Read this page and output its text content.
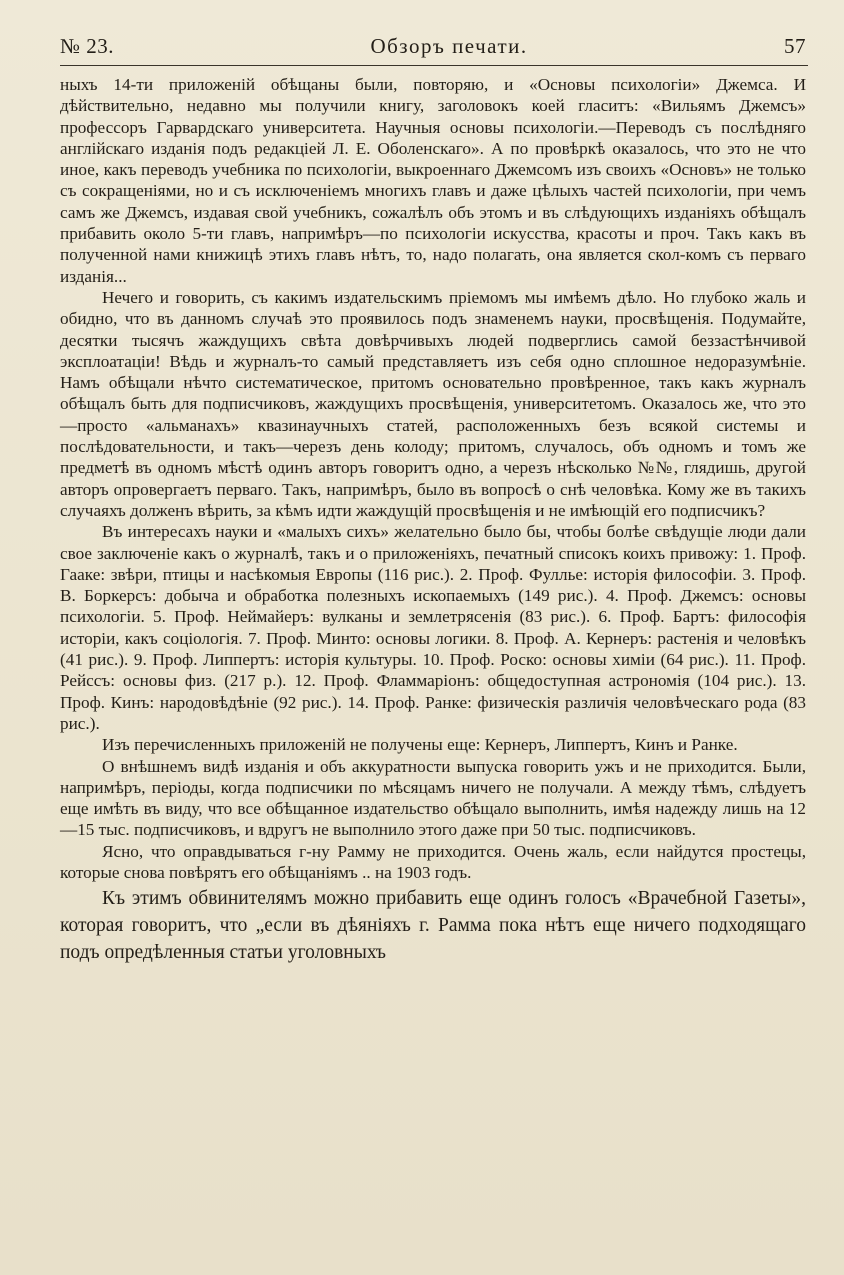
№ 23.	Обзоръ печати.	57

ныхъ 14-ти приложеній обѣщаны были, повторяю, и «Основы психологіи» Джемса. И дѣйствительно, недавно мы получили книгу, заголовокъ коей гласитъ: «Вильямъ Джемсъ» профессоръ Гарвардскаго университета. Научныя основы психологіи.—Переводъ съ послѣдняго англійскаго изданія подъ редакціей Л. Е. Оболенскаго». А по провѣркѣ оказалось, что это не что иное, какъ переводъ учебника по психологіи, выкроеннаго Джемсомъ изъ своихъ «Основъ» не только съ сокращеніями, но и съ исключеніемъ многихъ главъ и даже цѣлыхъ частей психологіи, при чемъ самъ же Джемсъ, издавая свой учебникъ, сожалѣлъ объ этомъ и въ слѣдующихъ изданіяхъ обѣщалъ прибавить около 5-ти главъ, напримѣръ—по психологіи искусства, красоты и проч. Такъ какъ въ полученной нами книжицѣ этихъ главъ нѣтъ, то, надо полагать, она является скол-комъ съ перваго изданія...

Нечего и говорить, съ какимъ издательскимъ пріемомъ мы имѣемъ дѣло. Но глубоко жаль и обидно, что въ данномъ случаѣ это проявилось подъ знаменемъ науки, просвѣщенія. Подумайте, десятки тысячъ жаждущихъ свѣта довѣрчивыхъ людей подверглись самой беззастѣнчивой эксплоатаціи! Вѣдь и журналъ-то самый представляетъ изъ себя одно сплошное недоразумѣніе. Намъ обѣщали нѣчто систематическое, притомъ основательно провѣренное, такъ какъ журналъ обѣщалъ быть для подписчиковъ, жаждущихъ просвѣщенія, университетомъ. Оказалось же, что это—просто «альманахъ» квазинаучныхъ статей, расположенныхъ безъ всякой системы и послѣдовательности, и такъ—черезъ день колоду; притомъ, случалось, объ одномъ и томъ же предметѣ въ одномъ мѣстѣ одинъ авторъ говоритъ одно, а черезъ нѣсколько №№, глядишь, другой авторъ опровергаетъ перваго. Такъ, напримѣръ, было въ вопросѣ о снѣ человѣка. Кому же въ такихъ случаяхъ долженъ вѣрить, за кѣмъ идти жаждущій просвѣщенія и не имѣющій его подписчикъ?

Въ интересахъ науки и «малыхъ сихъ» желательно было бы, чтобы болѣе свѣдущіе люди дали свое заключеніе какъ о журналѣ, такъ и о приложеніяхъ, печатный списокъ коихъ привожу: 1. Проф. Гааке: звѣри, птицы и насѣкомыя Европы (116 рис.). 2. Проф. Фуллье: исторія философіи. 3. Проф. В. Боркерсъ: добыча и обработка полезныхъ ископаемыхъ (149 рис.). 4. Проф. Джемсъ: основы психологіи. 5. Проф. Неймайеръ: вулканы и землетрясенія (83 рис.). 6. Проф. Бартъ: философія исторіи, какъ соціологія. 7. Проф. Минто: основы логики. 8. Проф. А. Кернеръ: растенія и человѣкъ (41 рис.). 9. Проф. Липпертъ: исторія культуры. 10. Проф. Роско: основы химіи (64 рис.). 11. Проф. Рейссъ: основы физ. (217 р.). 12. Проф. Фламмаріонъ: общедоступная астрономія (104 рис.). 13. Проф. Кинъ: народовѣдѣніе (92 рис.). 14. Проф. Ранке: физическія различія человѣческаго рода (83 рис.).

Изъ перечисленныхъ приложеній не получены еще: Кернеръ, Липпертъ, Кинъ и Ранке.

О внѣшнемъ видѣ изданія и объ аккуратности выпуска говорить ужъ и не приходится. Были, напримѣръ, періоды, когда подписчики по мѣсяцамъ ничего не получали. А между тѣмъ, слѣдуетъ еще имѣть въ виду, что все обѣщанное издательство обѣщало выполнить, имѣя надежду лишь на 12—15 тыс. подписчиковъ, и вдругъ не выполнило этого даже при 50 тыс. подписчиковъ.

Ясно, что оправдываться г-ну Рамму не приходится. Очень жаль, если найдутся простецы, которые снова повѣрятъ его обѣщаніямъ .. на 1903 годъ.

Къ этимъ обвинителямъ можно прибавить еще одинъ голосъ «Врачебной Газеты», которая говоритъ, что „если въ дѣяніяхъ г. Рамма пока нѣтъ еще ничего подходящаго подъ опредѣленныя статьи уголовныхъ
